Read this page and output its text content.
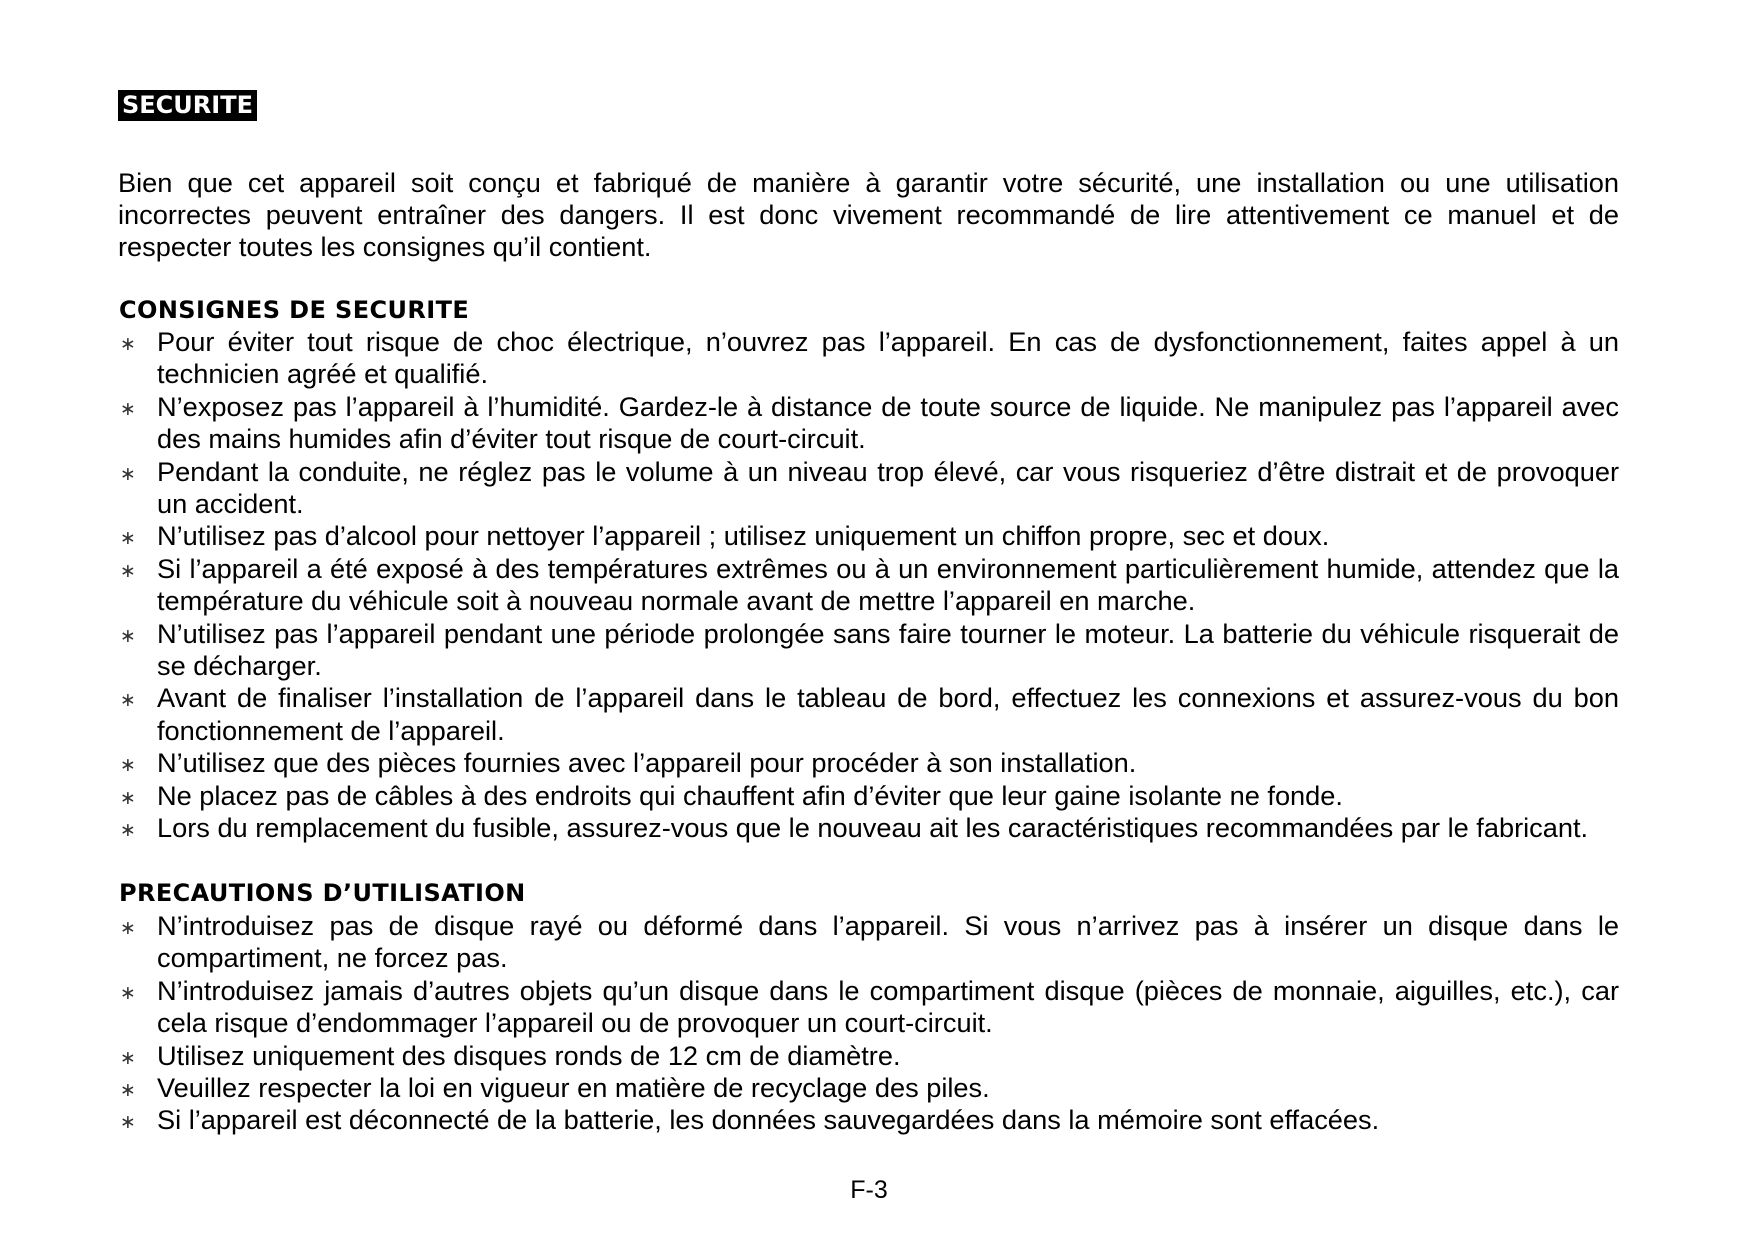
SECURITE
Bien que cet appareil soit conçu et fabriqué de manière à garantir votre sécurité, une installation ou une utilisation
incorrectes peuvent entraîner des dangers. Il est donc vivement recommandé de lire attentivement ce manuel et de
respecter toutes les consignes qu’il contient.
CONSIGNES DE SECURITE
∗ Pour éviter tout risque de choc électrique, n’ouvrez pas l’appareil. En cas de dysfonctionnement, faites appel à un
technicien agréé et qualifié.
∗ N’exposez pas l’appareil à l’humidité. Gardez-le à distance de toute source de liquide. Ne manipulez pas l’appareil avec
des mains humides afin d’éviter tout risque de court-circuit.
∗ Pendant la conduite, ne réglez pas le volume à un niveau trop élevé, car vous risqueriez d’être distrait et de provoquer
un accident.
∗ N’utilisez pas d’alcool pour nettoyer l’appareil ; utilisez uniquement un chiffon propre, sec et doux.
∗ Si l’appareil a été exposé à des températures extrêmes ou à un environnement particulièrement humide, attendez que la
température du véhicule soit à nouveau normale avant de mettre l’appareil en marche.
∗ N’utilisez pas l’appareil pendant une période prolongée sans faire tourner le moteur. La batterie du véhicule risquerait de
se décharger.
∗ Avant de finaliser l’installation de l’appareil dans le tableau de bord, effectuez les connexions et assurez-vous du bon
fonctionnement de l’appareil.
∗ N’utilisez que des pièces fournies avec l’appareil pour procéder à son installation.
∗ Ne placez pas de câbles à des endroits qui chauffent afin d’éviter que leur gaine isolante ne fonde.
∗ Lors du remplacement du fusible, assurez-vous que le nouveau ait les caractéristiques recommandées par le fabricant.
PRECAUTIONS D’UTILISATION
∗ N’introduisez pas de disque rayé ou déformé dans l’appareil. Si vous n’arrivez pas à insérer un disque dans le
compartiment, ne forcez pas.
∗ N’introduisez jamais d’autres objets qu’un disque dans le compartiment disque (pièces de monnaie, aiguilles, etc.), car
cela risque d’endommager l’appareil ou de provoquer un court-circuit.
∗ Utilisez uniquement des disques ronds de 12 cm de diamètre.
∗ Veuillez respecter la loi en vigueur en matière de recyclage des piles.
∗ Si l’appareil est déconnecté de la batterie, les données sauvegardées dans la mémoire sont effacées.
F-3
